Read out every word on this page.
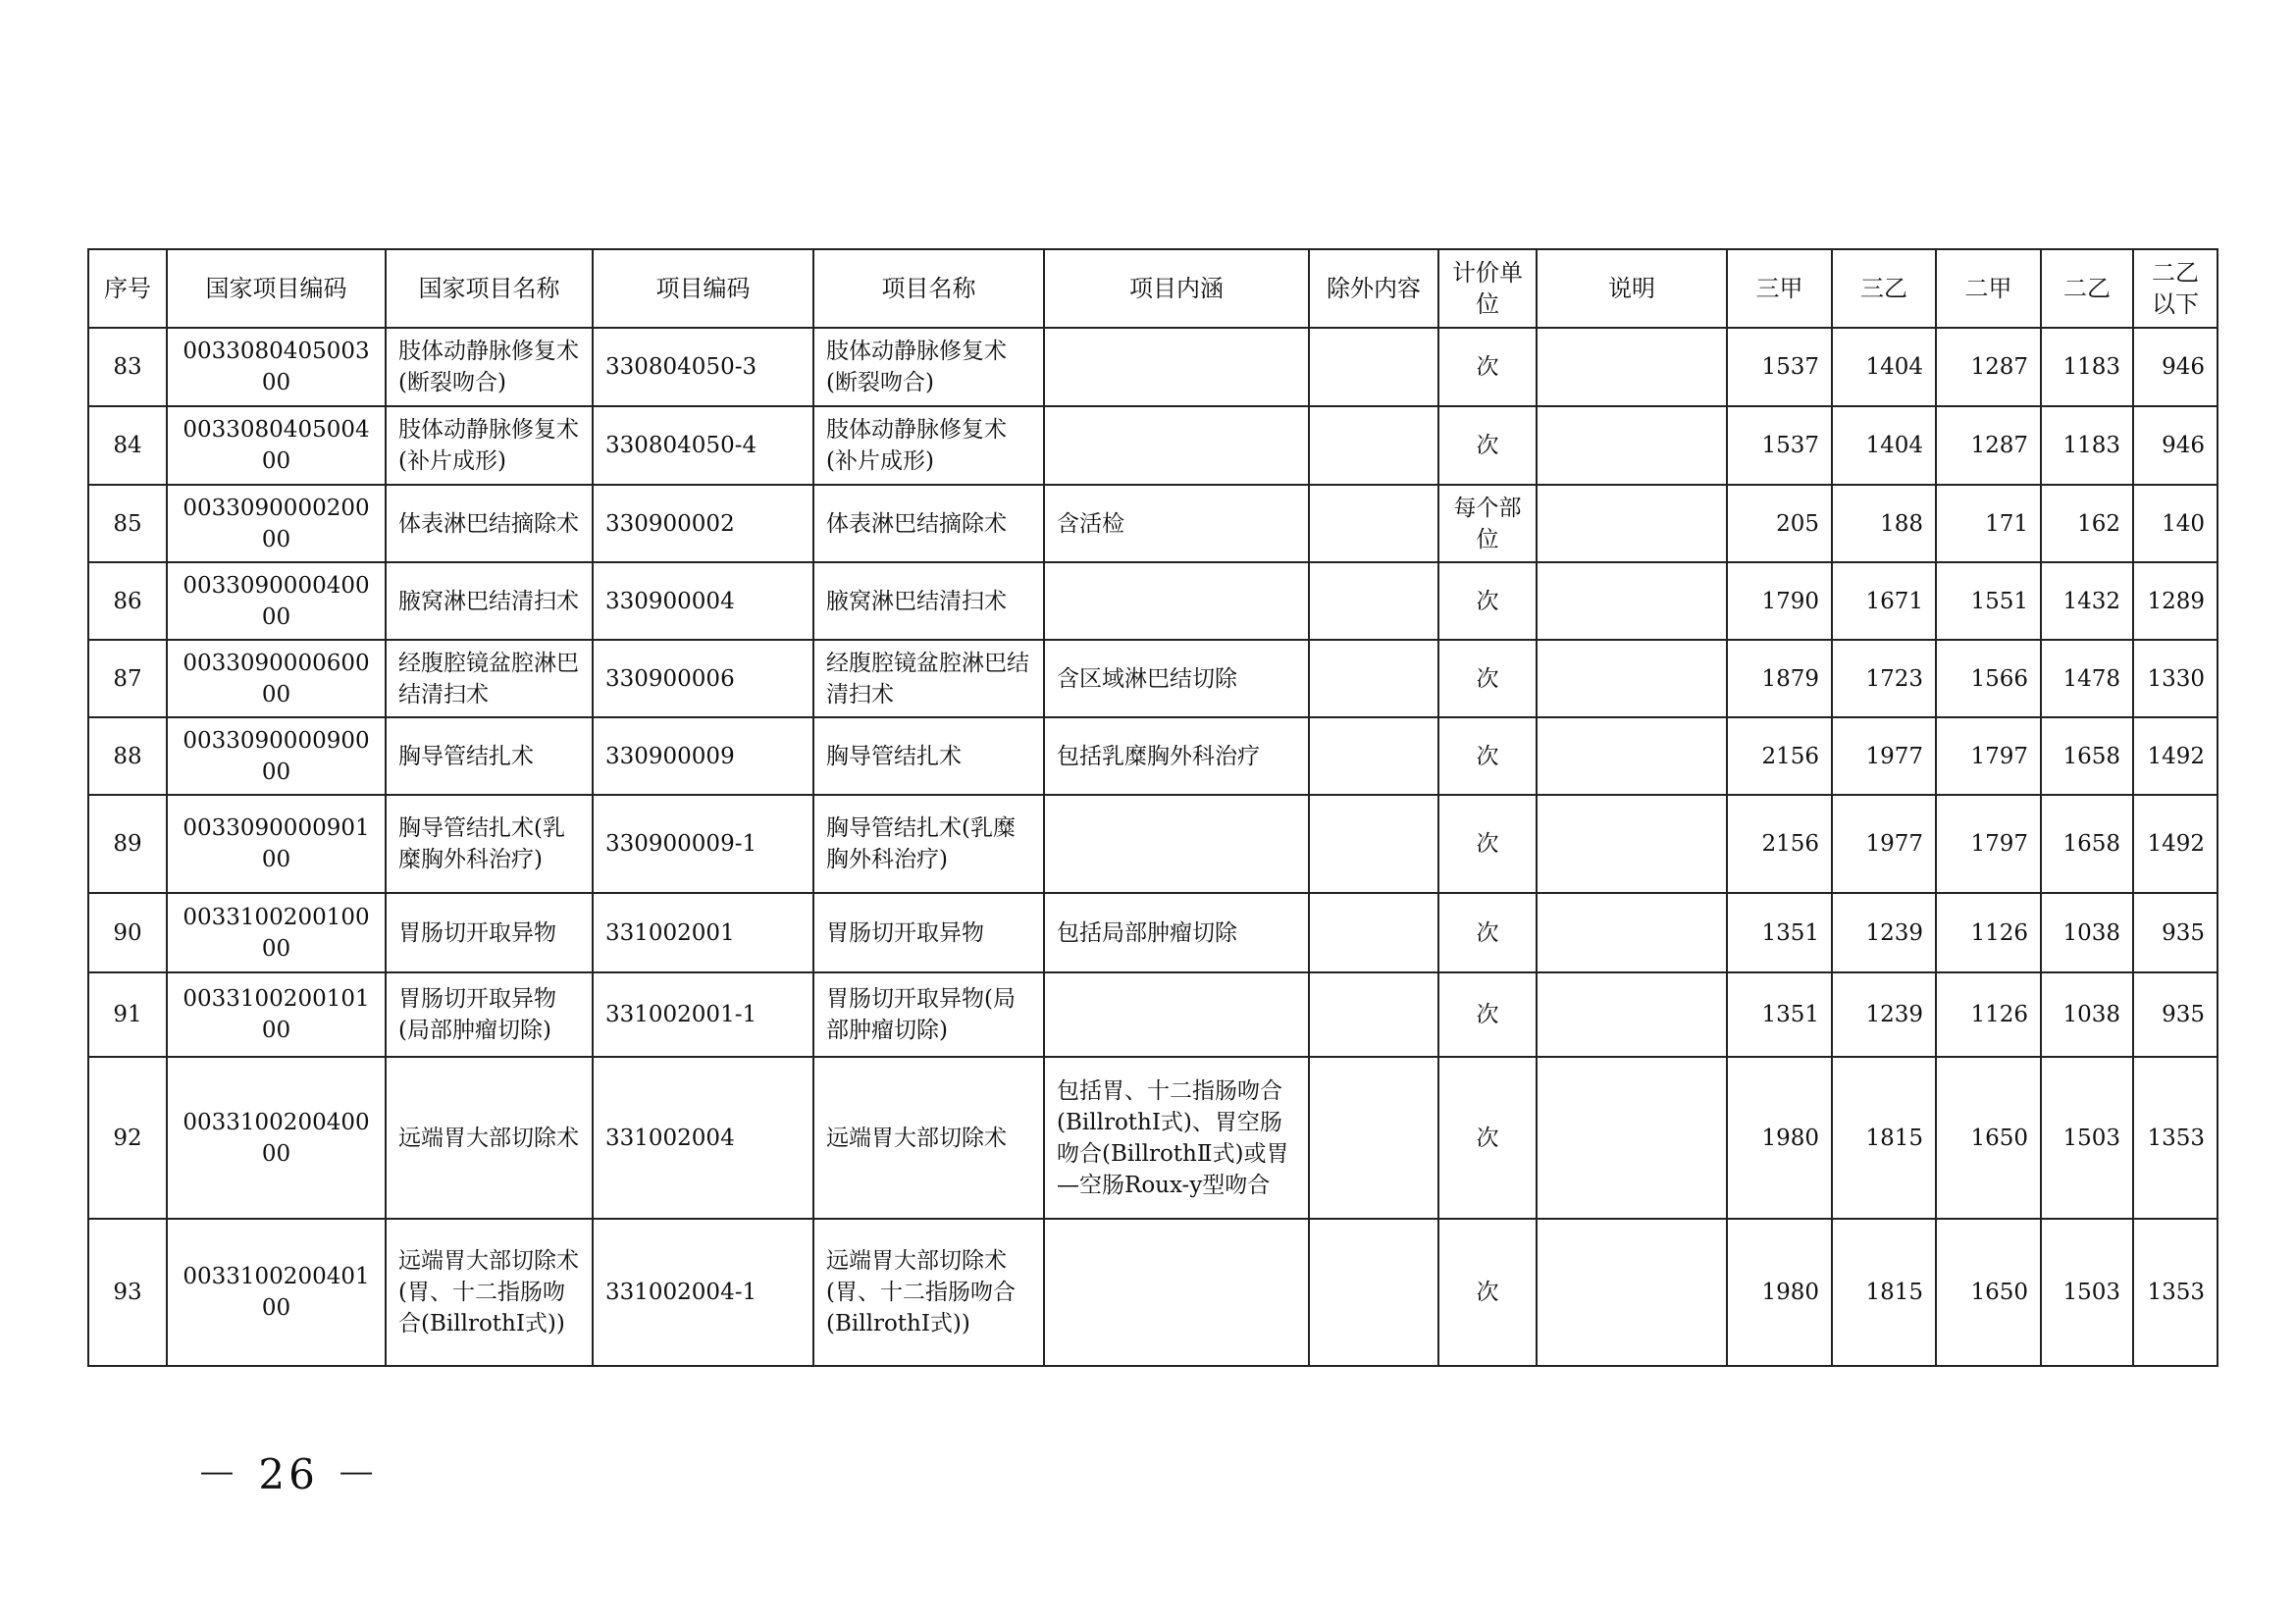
序号	国家项目编码	国家项目名称	项目编码	项目名称	项目内涵	除外内容	计价单位	说明	三甲	三乙	二甲	二乙	二乙以下
83	003308040500300	肢体动静脉修复术(断裂吻合)	330804050-3	肢体动静脉修复术(断裂吻合)			次		1537	1404	1287	1183	946
84	003308040500400	肢体动静脉修复术(补片成形)	330804050-4	肢体动静脉修复术(补片成形)			次		1537	1404	1287	1183	946
85	003309000020000	体表淋巴结摘除术	330900002	体表淋巴结摘除术	含活检		每个部位		205	188	171	162	140
86	003309000040000	腋窝淋巴结清扫术	330900004	腋窝淋巴结清扫术			次		1790	1671	1551	1432	1289
87	003309000060000	经腹腔镜盆腔淋巴结清扫术	330900006	经腹腔镜盆腔淋巴结清扫术	含区域淋巴结切除		次		1879	1723	1566	1478	1330
88	003309000090000	胸导管结扎术	330900009	胸导管结扎术	包括乳糜胸外科治疗		次		2156	1977	1797	1658	1492
89	003309000090100	胸导管结扎术(乳糜胸外科治疗)	330900009-1	胸导管结扎术(乳糜胸外科治疗)			次		2156	1977	1797	1658	1492
90	003310020010000	胃肠切开取异物	331002001	胃肠切开取异物	包括局部肿瘤切除		次		1351	1239	1126	1038	935
91	003310020010100	胃肠切开取异物(局部肿瘤切除)	331002001-1	胃肠切开取异物(局部肿瘤切除)			次		1351	1239	1126	1038	935
92	003310020040000	远端胃大部切除术	331002004	远端胃大部切除术	包括胃、十二指肠吻合(BillrothⅠ式)、胃空肠吻合(BillrothⅡ式)或胃—空肠Roux-y型吻合		次		1980	1815	1650	1503	1353
93	003310020040100	远端胃大部切除术(胃、十二指肠吻合(BillrothⅠ式))	331002004-1	远端胃大部切除术(胃、十二指肠吻合(BillrothⅠ式))			次		1980	1815	1650	1503	1353
－ 26 －
